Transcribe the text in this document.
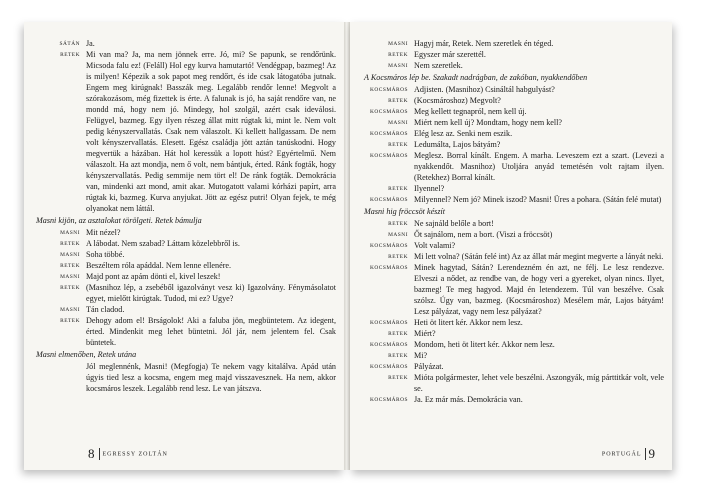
SÁTÁN Ja.
RETEK Mi van ma? Ja, ma nem jönnek erre. Jó, mi? Se papunk, se rendőrünk. Micsoda falu ez! (Feláll) Hol egy kurva hamutartó! Vendégpap, bazmeg! Az is milyen! Képezik a sok papot meg rendőrt, és ide csak látogatóba jutnak. Engem meg kirúgnak! Basszák meg. Legalább rendőr lenne! Megvolt a szórakozásom, még fizettek is érte. A falunak is jó, ha saját rendőre van, ne mondd má, hogy nem jó. Mindegy, hol szolgál, azért csak ideválosi. Felügyel, bazmeg. Egy ilyen részeg állat mitt rúgtak ki, mint le. Nem volt pedig kényszervallatás. Csak nem válaszolt. Ki kellett hallgassam. De nem volt kényszervallatás. Elesett. Egész családja jött aztán tanúskodni. Hogy megvertük a házában. Hát hol keressük a lopott húst? Egyértelmű. Nem válaszolt. Ha azt mondja, nem ő volt, nem bántjuk, érted. Ránk fogták, hogy kényszervallatás. Pedig semmije nem tört el! De ránk fogták. Demokrácia van, mindenki azt mond, amit akar. Mutogatott valami kórházi papírt, arra rúgtak ki, bazmeg. Kurva anyjukat. Jött az egész putri! Olyan fejek, te még olyanokat nem láttál.
Masni kijön, az asztalokat törölgeti. Retek bámulja
MASNI Mit nézel?
RETEK A lábodat. Nem szabad? Láttam közelebbről is.
MASNI Soha többé.
RETEK Beszéltem róla apáddal. Nem lenne ellenére.
MASNI Majd pont az apám dönti el, kivel leszek!
RETEK (Masnihoz lép, a zsebéből igazolványt vesz ki) Igazolvány. Fénymásolatot egyet, mielőtt kirúgtak. Tudod, mi ez? Ugye?
MASNI Tán cladod.
RETEK Dehogy adom el! Brságolok! Aki a faluba jön, megbüntetem. Az idegent, érted. Mindenkit meg lehet büntetni. Jól jár, nem jelentem fel. Csak büntetek.
Masni elmenőben, Retek utána
Jól meglennénk, Masni! (Megfogja) Te nekem vagy kitalálva. Apád után úgyis tied lesz a kocsma, engem meg majd visszavesznek. Ha nem, akkor kocsmáros leszek. Legalább rend lesz. Le van játszva.
8 EGRESSY ZOLTÁN
MASNI Hagyj már, Retek. Nem szeretlek én téged.
RETEK Egyszer már szerettél.
MASNI Nem szeretlek.
A Kocsmáros lép be. Szakadt nadrágban, de zakóban, nyakkendőben
KOCSMÁROS Adjisten. (Masnihoz) Csináltál habgulyást?
RETEK (Kocsmároshoz) Megvolt?
KOCSMÁROS Meg kellett tegnapról, nem kell új.
MASNI Miért nem kell új? Mondtam, hogy nem kell?
KOCSMÁROS Elég lesz az. Senki nem eszik.
RETEK Ledumálta, Lajos bátyám?
KOCSMÁROS Meglesz. Borral kínált. Engem. A marha. Leveszem ezt a szart. (Levezi a nyakkendőt. Masnihoz) Utoljára anyád temetésén volt rajtam ilyen. (Retekhez) Borral kínált.
RETEK Ilyennel?
KOCSMÁROS Milyennel? Nem jó? Minek iszod? Masni! Üres a pohara. (Sátán felé mutat)
Masni hig fröccsöt készít
RETEK Ne sajnáld belőle a bort!
MASNI Őt sajnálom, nem a bort. (Viszi a fröccsöt)
KOCSMÁROS Volt valami?
RETEK Mi lett volna? (Sátán felé int) Az az állat már megint megverte a lányát neki.
KOCSMÁROS Minek hagytad, Sátán? Lerendezném én azt, ne félj. Le lesz rendezve. Elveszi a nődet, az rendbe van, de hogy veri a gyereket, olyan nincs. Ilyet, bazmeg! Te meg hagyod. Majd én letendezem. Túl van beszélve. Csak szólsz. Úgy van, bazmeg. (Kocsmároshoz) Mesélem már, Lajos bátyám! Lesz pályázat, vagy nem lesz pályázat?
KOCSMÁROS Heti öt litert kér. Akkor nem lesz.
RETEK Miért?
KOCSMÁROS Mondom, heti öt litert kér. Akkor nem lesz.
RETEK Mi?
KOCSMÁROS Pályázat.
RETEK Mióta polgármester, lehet vele beszélni. Aszongyák, míg párttitkár volt, vele se.
KOCSMÁROS Ja. Ez már más. Demokrácia van.
PORTUGÁL 9
